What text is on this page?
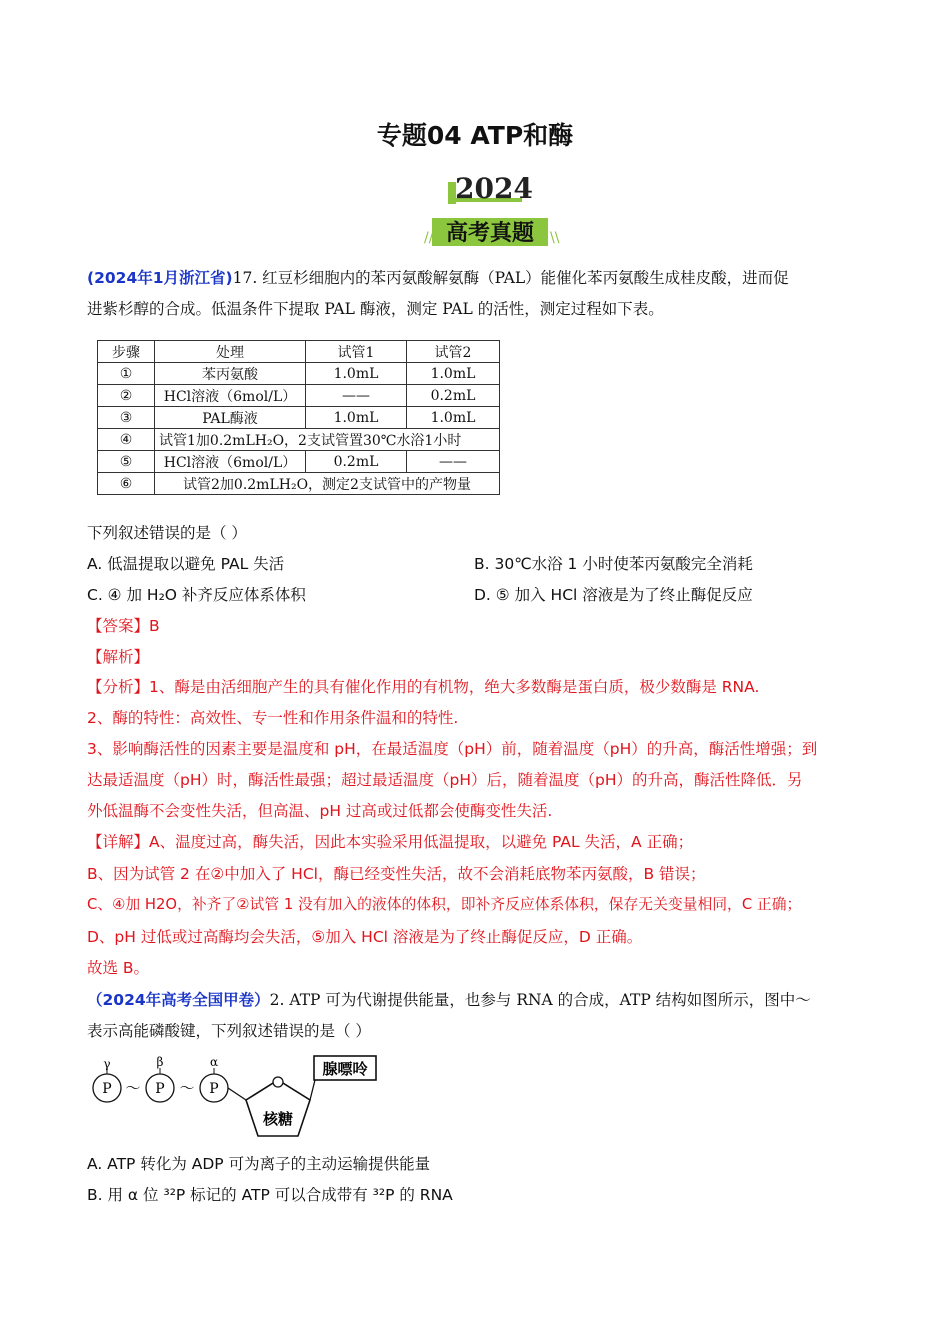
专题04 ATP和酶
2024
高考真题
//	\\
(2024年1月浙江省)17. 红豆杉细胞内的苯丙氨酸解氨酶（PAL）能催化苯丙氨酸生成桂皮酸，进而促
进紫杉醇的合成。低温条件下提取 PAL 酶液，测定 PAL 的活性，测定过程如下表。
步骤	处理	试管1	试管2
①	苯丙氨酸	1.0mL	1.0mL
②	HCl溶液（6mol/L）	——	0.2mL
③	PAL酶液	1.0mL	1.0mL
④	试管1加0.2mLH₂O，2支试管置30℃水浴1小时		
⑤	HCl溶液（6mol/L）	0.2mL	——
⑥	试管2加0.2mLH₂O，测定2支试管中的产物量		
下列叙述错误的是（ ）
A. 低温提取以避免 PAL 失活	B. 30℃水浴 1 小时使苯丙氨酸完全消耗
C. ④ 加 H₂O 补齐反应体系体积	D. ⑤ 加入 HCl 溶液是为了终止酶促反应
【答案】B
【解析】
【分析】1、酶是由活细胞产生的具有催化作用的有机物，绝大多数酶是蛋白质，极少数酶是 RNA.
2、酶的特性：高效性、专一性和作用条件温和的特性.
3、影响酶活性的因素主要是温度和 pH，在最适温度（pH）前，随着温度（pH）的升高，酶活性增强；到
达最适温度（pH）时，酶活性最强；超过最适温度（pH）后，随着温度（pH）的升高，酶活性降低．另
外低温酶不会变性失活，但高温、pH 过高或过低都会使酶变性失活.
【详解】A、温度过高，酶失活，因此本实验采用低温提取，以避免 PAL 失活，A 正确；
B、因为试管 2 在②中加入了 HCl，酶已经变性失活，故不会消耗底物苯丙氨酸，B 错误；
C、④加 H2O，补齐了②试管 1 没有加入的液体的体积，即补齐反应体系体积，保存无关变量相同，C 正确；
D、pH 过低或过高酶均会失活，⑤加入 HCl 溶液是为了终止酶促反应，D 正确。
故选 B。
（2024年高考全国甲卷）2. ATP 可为代谢提供能量，也参与 RNA 的合成，ATP 结构如图所示，图中～
表示高能磷酸键，下列叙述错误的是（ ）
γ	β	α
P ～ P ～ P
核糖
腺嘌呤
A. ATP 转化为 ADP 可为离子的主动运输提供能量
B. 用 α 位 ³²P 标记的 ATP 可以合成带有 ³²P 的 RNA
